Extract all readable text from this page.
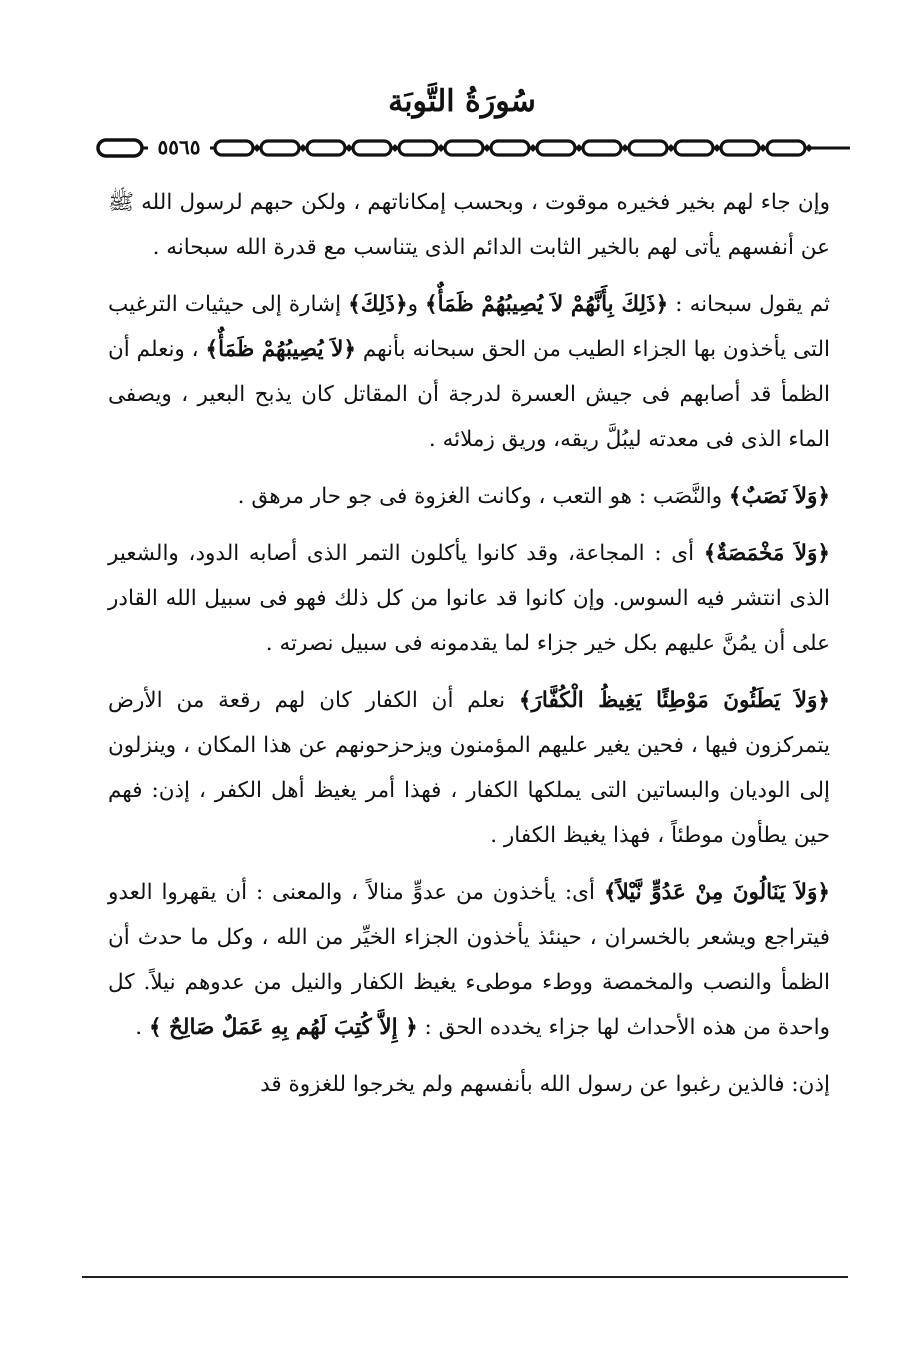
سُورَةُ التَّوبَة
٥٥٦٥

وإن جاء لهم بخير فخيره موقوت ، وبحسب إمكاناتهم ، ولكن حبهم لرسول الله ﷺ عن أنفسهم يأتى لهم بالخير الثابت الدائم الذى يتناسب مع قدرة الله سبحانه .

ثم يقول سبحانه : ﴿ذَلِكَ بِأَنَّهُمْ لاَ يُصِيبُهُمْ ظَمَأٌ﴾ و﴿ذَلِكَ﴾ إشارة إلى حيثيات الترغيب التى يأخذون بها الجزاء الطيب من الحق سبحانه بأنهم ﴿لاَ يُصِيبُهُمْ ظَمَأٌ﴾ ، ونعلم أن الظمأ قد أصابهم فى جيش العسرة لدرجة أن المقاتل كان يذبح البعير ، ويصفى الماء الذى فى معدته ليبُلَّ ريقه، وريق زملائه .

﴿وَلاَ نَصَبٌ﴾ والنَّصَب : هو التعب ، وكانت الغزوة فى جو حار مرهق .

﴿وَلاَ مَخْمَصَةٌ﴾ أى : المجاعة، وقد كانوا يأكلون التمر الذى أصابه الدود، والشعير الذى انتشر فيه السوس. وإن كانوا قد عانوا من كل ذلك فهو فى سبيل الله القادر على أن يمُنَّ عليهم بكل خير جزاء لما يقدمونه فى سبيل نصرته .

﴿وَلاَ يَطَئُونَ مَوْطِئًا يَغِيظُ الْكُفَّارَ﴾ نعلم أن الكفار كان لهم رقعة من الأرض يتمركزون فيها ، فحين يغير عليهم المؤمنون ويزحزحونهم عن هذا المكان ، وينزلون إلى الوديان والبساتين التى يملكها الكفار ، فهذا أمر يغيظ أهل الكفر ، إذن: فهم حين يطأون موطئاً ، فهذا يغيظ الكفار .

﴿وَلاَ يَنَالُونَ مِنْ عَدُوٍّ نَّيْلاً﴾ أى: يأخذون من عدوٍّ منالاً ، والمعنى : أن يقهروا العدو فيتراجع ويشعر بالخسران ، حينئذ يأخذون الجزاء الخيِّر من الله ، وكل ما حدث أن الظمأ والنصب والمخمصة ووطء موطىء يغيظ الكفار والنيل من عدوهم نيلاً. كل واحدة من هذه الأحداث لها جزاء يخدده الحق : ﴿ إِلاَّ كُتِبَ لَهُم بِهِ عَمَلٌ صَالِحٌ ﴾ .

إذن: فالذين رغبوا عن رسول الله بأنفسهم ولم يخرجوا للغزوة قد
